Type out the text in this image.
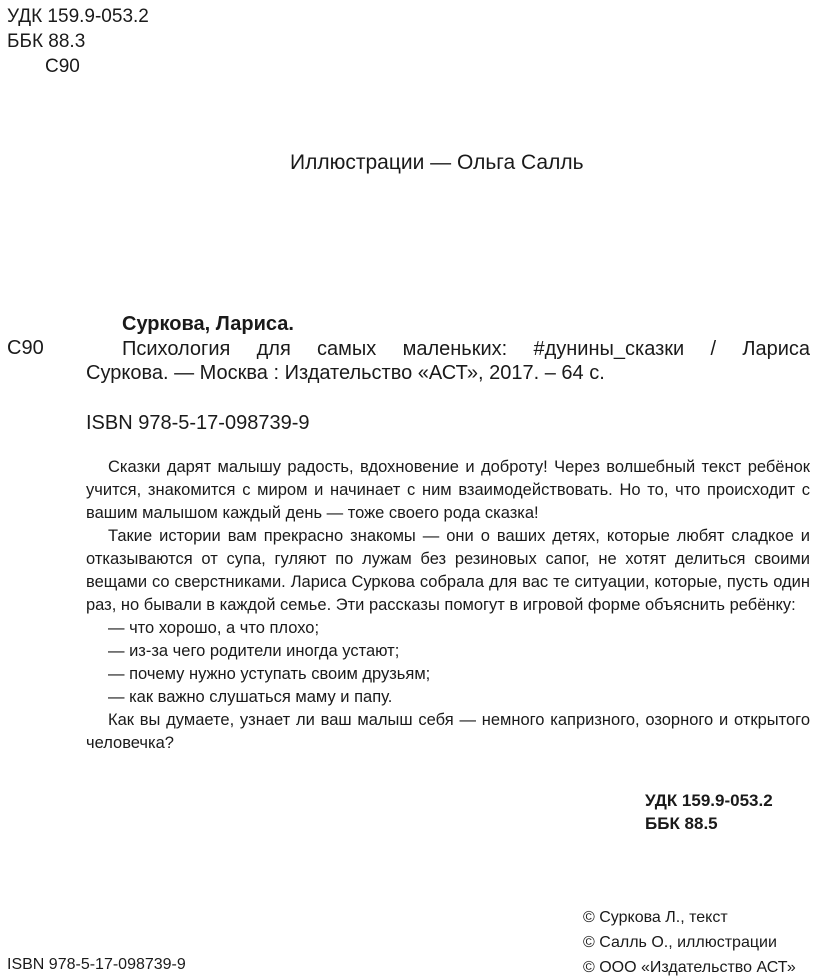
УДК 159.9-053.2
ББК 88.3
С90
Иллюстрации — Ольга Салль
Суркова, Лариса.
С90	Психология для самых маленьких: #дунины_сказки / Лариса
Суркова. — Москва : Издательство «АСТ», 2017. – 64 с.
ISBN 978-5-17-098739-9

Сказки дарят малышу радость, вдохновение и доброту! Через волшебный текст ребёнок учится, знакомится с миром и начинает с ним взаимодействовать. Но то, что происходит с вашим малышом каждый день — тоже своего рода сказка!

Такие истории вам прекрасно знакомы — они о ваших детях, которые любят сладкое и отказываются от супа, гуляют по лужам без резиновых сапог, не хотят делиться своими вещами со сверстниками. Лариса Суркова собрала для вас те ситуации, которые, пусть один раз, но бывали в каждой семье. Эти рассказы помогут в игровой форме объяснить ребёнку:

— что хорошо, а что плохо;
— из-за чего родители иногда устают;
— почему нужно уступать своим друзьям;
— как важно слушаться маму и папу.

Как вы думаете, узнает ли ваш малыш себя — немного капризного, озорного и открытого человечка?

УДК 159.9-053.2
ББК 88.5
© Суркова Л., текст
© Салль О., иллюстрации
© ООО «Издательство АСТ»
ISBN 978-5-17-098739-9
